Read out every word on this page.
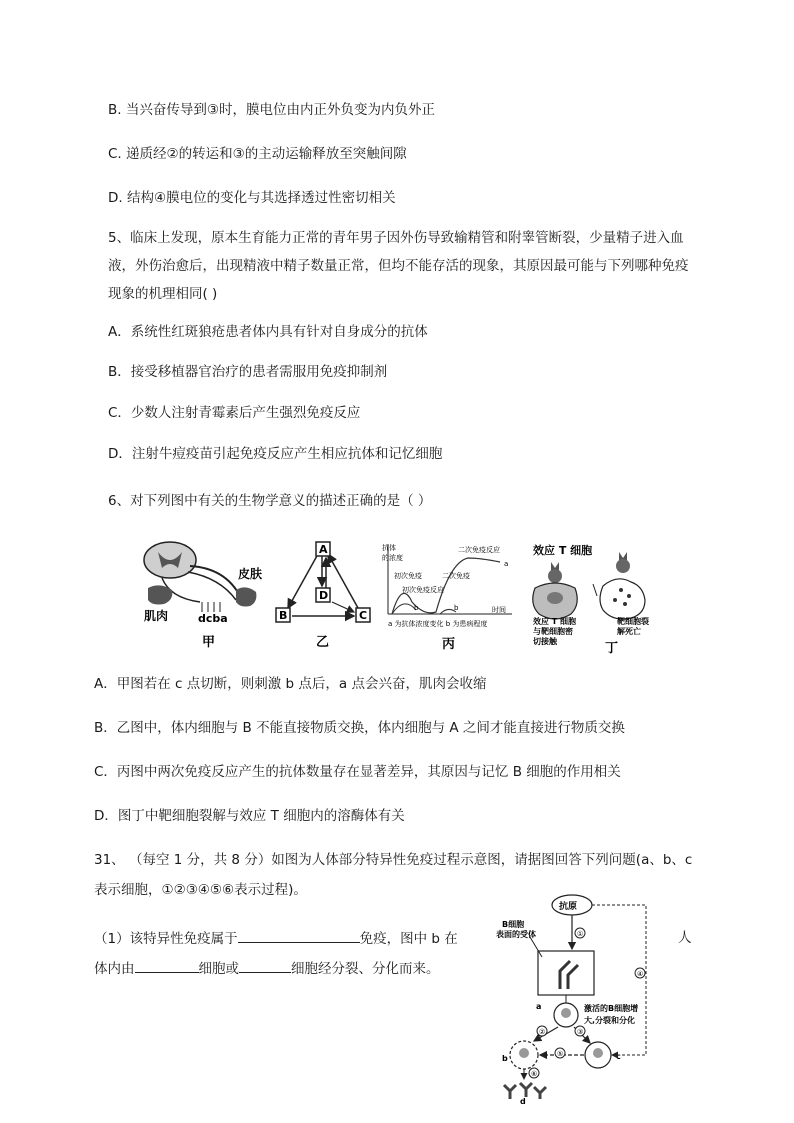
B. 当兴奋传导到③时，膜电位由内正外负变为内负外正
C. 递质经②的转运和③的主动运输释放至突触间隙
D. 结构④膜电位的变化与其选择透过性密切相关
5、临床上发现，原本生育能力正常的青年男子因外伤导致输精管和附睾管断裂，少量精子进入血
液，外伤治愈后，出现精液中精子数量正常，但均不能存活的现象，其原因最可能与下列哪种免疫
现象的机理相同( )
A．系统性红斑狼疮患者体内具有针对自身成分的抗体
B．接受移植器官治疗的患者需服用免疫抑制剂
C．少数人注射青霉素后产生强烈免疫反应
D．注射牛痘疫苗引起免疫反应产生相应抗体和记忆细胞
6、对下列图中有关的生物学意义的描述正确的是（ ）
皮肤
肌肉	dcba
甲
A
D
B	C
乙
抗体
的浓度
二次免疫反应
初次免疫	二次免疫
初次免疫反应
a
b	b	时间
a 为抗体浓度变化 b 为患病程度
丙
效应 T 细胞
效应 T 细胞
与靶细胞密
切接触
靶细胞裂
解死亡
丁
A．甲图若在 c 点切断，则刺激 b 点后，a 点会兴奋，肌肉会收缩
B．乙图中，体内细胞与 B 不能直接物质交换，体内细胞与 A 之间才能直接进行物质交换
C．丙图中两次免疫反应产生的抗体数量存在显著差异，其原因与记忆 B 细胞的作用相关
D．图丁中靶细胞裂解与效应 T 细胞内的溶酶体有关
31、 （每空 1 分，共 8 分）如图为人体部分特异性免疫过程示意图，请据图回答下列问题(a、b、c
表示细胞，①②③④⑤⑥表示过程)。
（1）该特异性免疫属于	免疫，图中 b 在	人
体内由	细胞或	细胞经分裂、分化而来。
抗原
①
B细胞
表面的受体
a	激活的B细胞增
大,分裂和分化
②	③
b	c
⑤
④
⑥
d
